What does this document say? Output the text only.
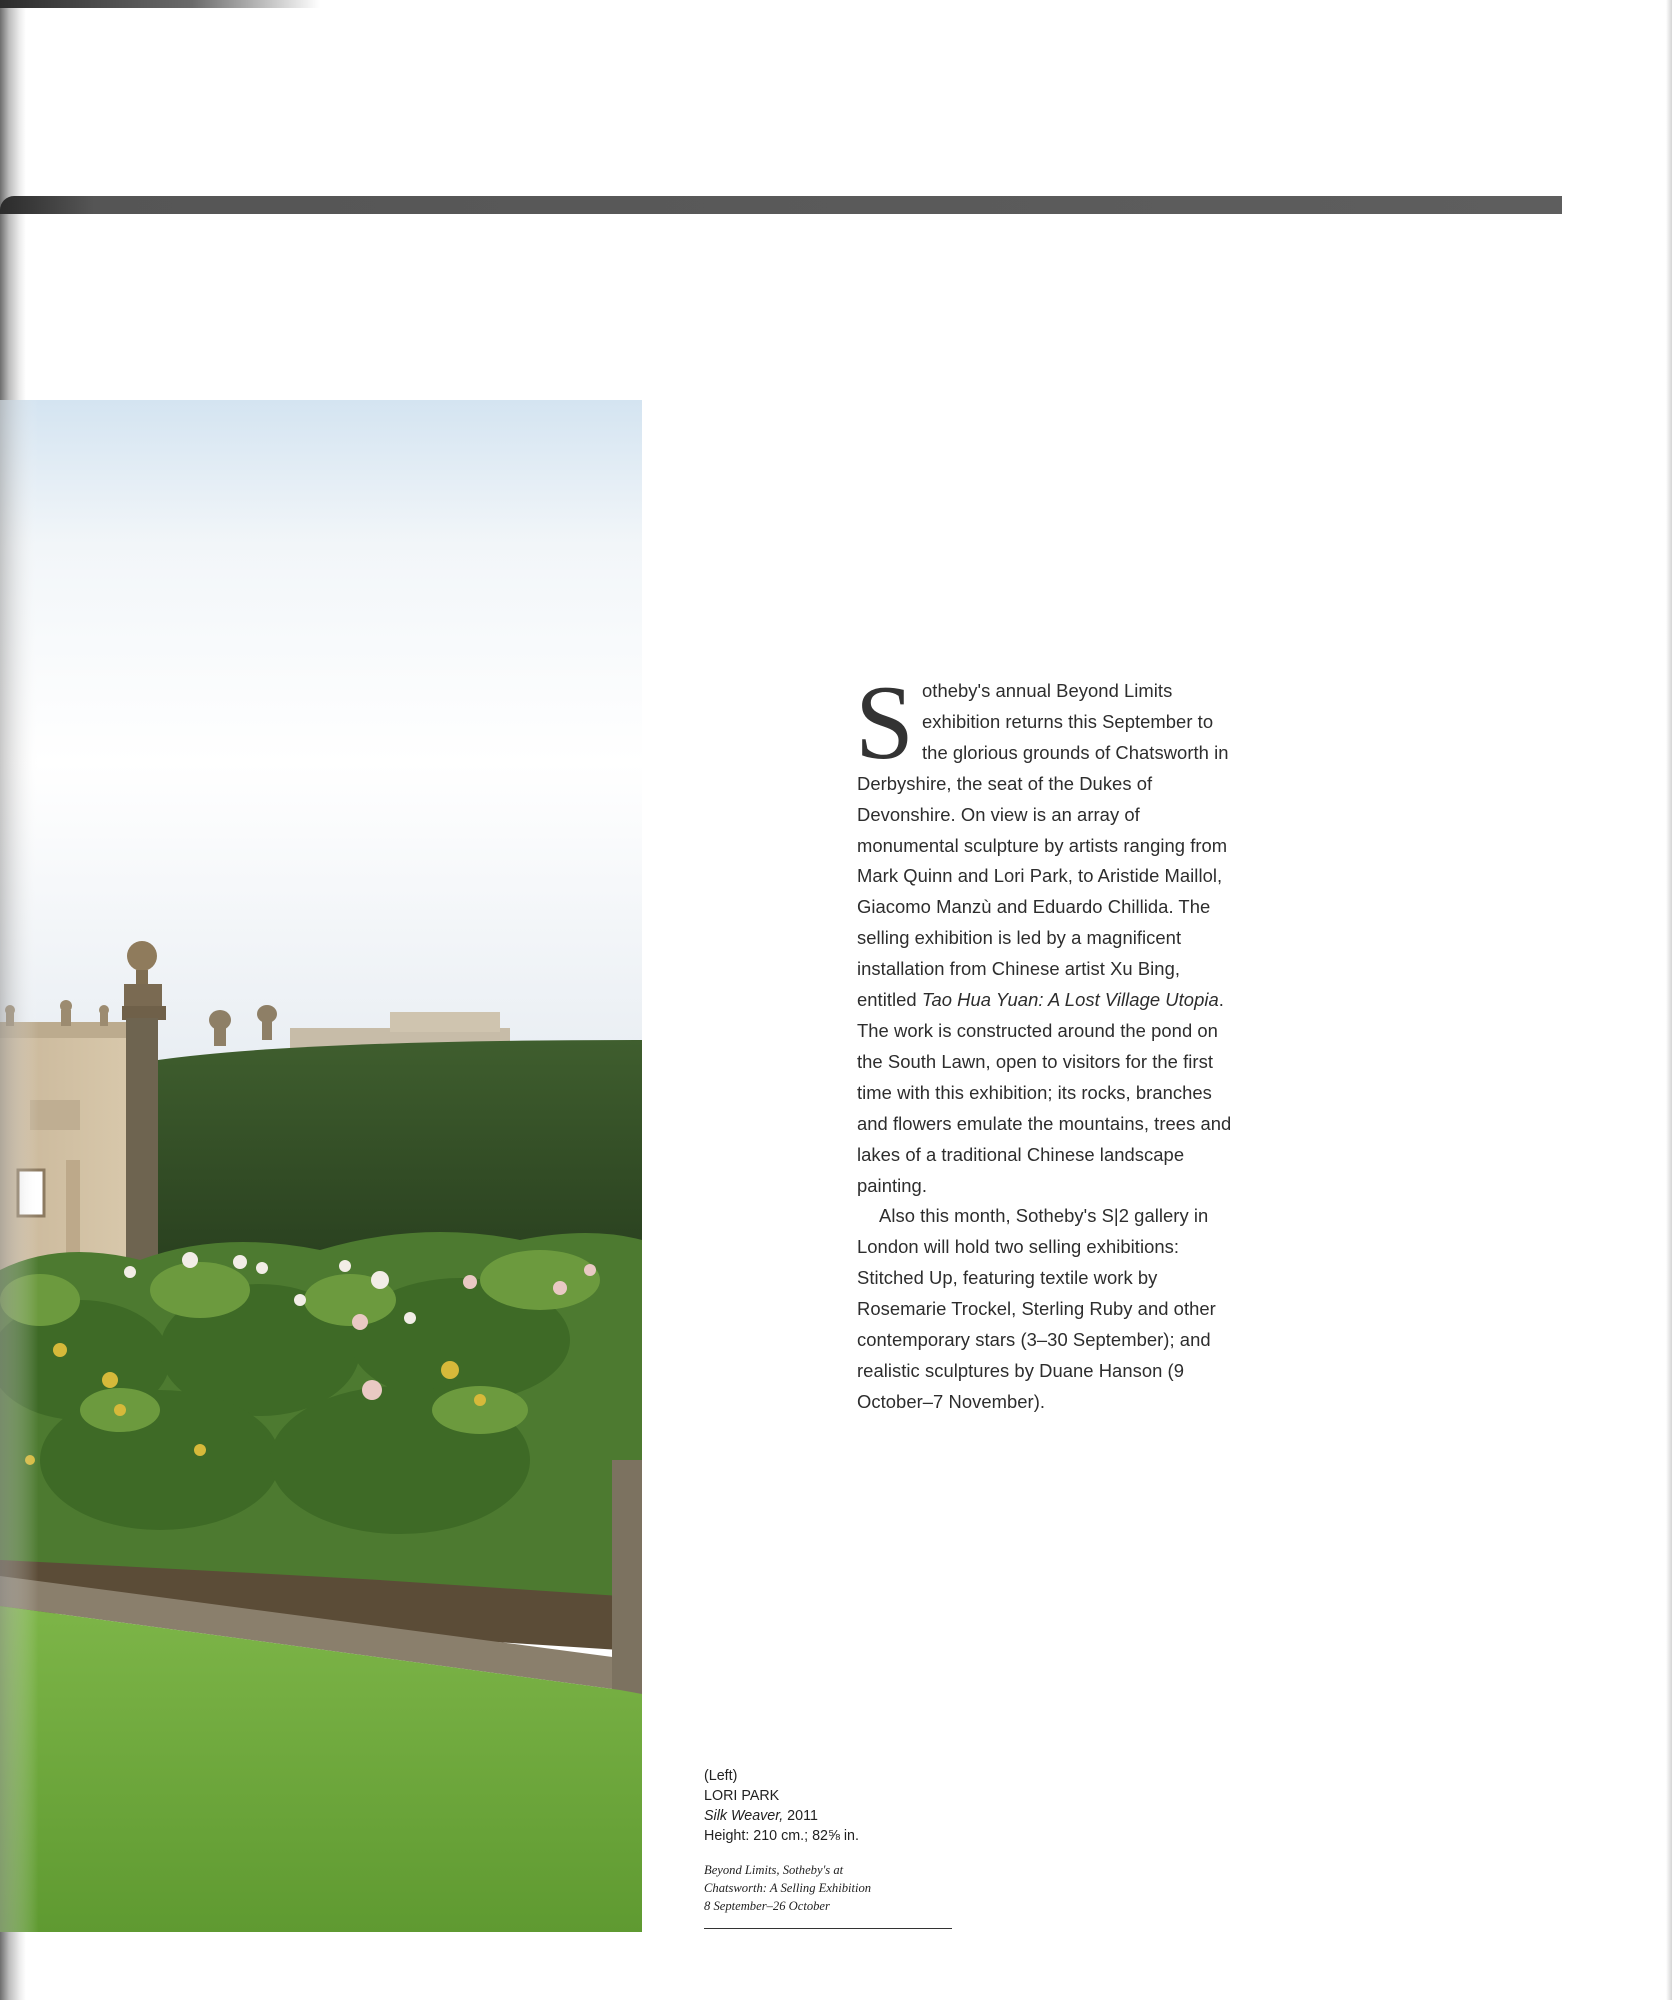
Sotheby's annual Beyond Limits exhibition returns this September to the glorious grounds of Chatsworth in Derbyshire, the seat of the Dukes of Devonshire. On view is an array of monumental sculpture by artists ranging from Mark Quinn and Lori Park, to Aristide Maillol, Giacomo Manzù and Eduardo Chillida. The selling exhibition is led by a magnificent installation from Chinese artist Xu Bing, entitled Tao Hua Yuan: A Lost Village Utopia. The work is constructed around the pond on the South Lawn, open to visitors for the first time with this exhibition; its rocks, branches and flowers emulate the mountains, trees and lakes of a traditional Chinese landscape painting.

Also this month, Sotheby's S|2 gallery in London will hold two selling exhibitions: Stitched Up, featuring textile work by Rosemarie Trockel, Sterling Ruby and other contemporary stars (3–30 September); and realistic sculptures by Duane Hanson (9 October–7 November).

(Left)
LORI PARK
Silk Weaver, 2011
Height: 210 cm.; 82⅝ in.
Beyond Limits, Sotheby's at
Chatsworth: A Selling Exhibition
8 September–26 October
